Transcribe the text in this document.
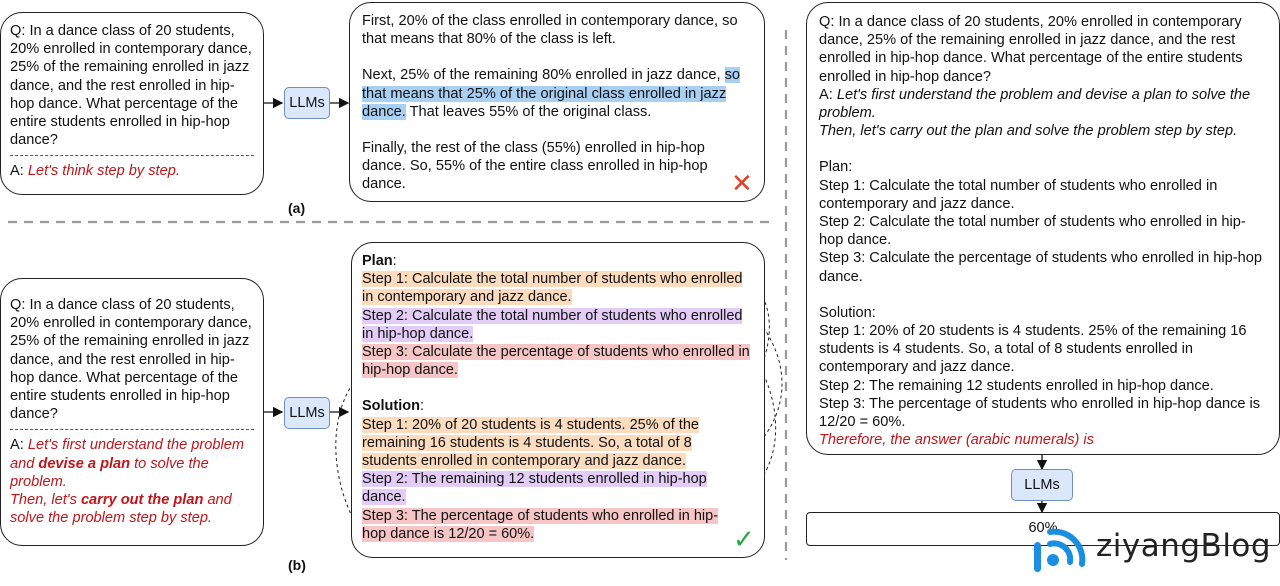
Q: In a dance class of 20 students, 20% enrolled in contemporary dance, 25% of the remaining enrolled in jazz dance, and the rest enrolled in hip-hop dance. What percentage of the entire students enrolled in hip-hop dance?

A: Let's think step by step.

LLMs

First, 20% of the class enrolled in contemporary dance, so that means that 80% of the class is left.

Next, 25% of the remaining 80% enrolled in jazz dance, so that means that 25% of the original class enrolled in jazz dance. That leaves 55% of the original class.

Finally, the rest of the class (55%) enrolled in hip-hop dance. So, 55% of the entire class enrolled in hip-hop dance.	✕
(a)

Q: In a dance class of 20 students, 20% enrolled in contemporary dance, 25% of the remaining enrolled in jazz dance, and the rest enrolled in hip-hop dance. What percentage of the entire students enrolled in hip-hop dance?

A: Let's first understand the problem and devise a plan to solve the problem.
Then, let's carry out the plan and solve the problem step by step.

LLMs

Plan:

Step 1: Calculate the total number of students who enrolled in contemporary and jazz dance.

Step 2: Calculate the total number of students who enrolled in hip-hop dance.

Step 3: Calculate the percentage of students who enrolled in hip-hop dance.

Solution:

Step 1: 20% of 20 students is 4 students. 25% of the remaining 16 students is 4 students. So, a total of 8 students enrolled in contemporary and jazz dance.

Step 2: The remaining 12 students enrolled in hip-hop dance.

Step 3: The percentage of students who enrolled in hip-hop dance is 12/20 = 60%.	✓
(b)

Q: In a dance class of 20 students, 20% enrolled in contemporary dance, 25% of the remaining enrolled in jazz dance, and the rest enrolled in hip-hop dance. What percentage of the entire students enrolled in hip-hop dance?

A: Let's first understand the problem and devise a plan to solve the problem.
Then, let's carry out the plan and solve the problem step by step.

Plan:

Step 1: Calculate the total number of students who enrolled in contemporary and jazz dance.

Step 2: Calculate the total number of students who enrolled in hip-hop dance.

Step 3: Calculate the percentage of students who enrolled in hip-hop dance.

Solution:

Step 1: 20% of 20 students is 4 students. 25% of the remaining 16 students is 4 students. So, a total of 8 students enrolled in contemporary and jazz dance.

Step 2: The remaining 12 students enrolled in hip-hop dance.

Step 3: The percentage of students who enrolled in hip-hop dance is 12/20 = 60%.

Therefore, the answer (arabic numerals) is

LLMs
60%	ziyangBlog
